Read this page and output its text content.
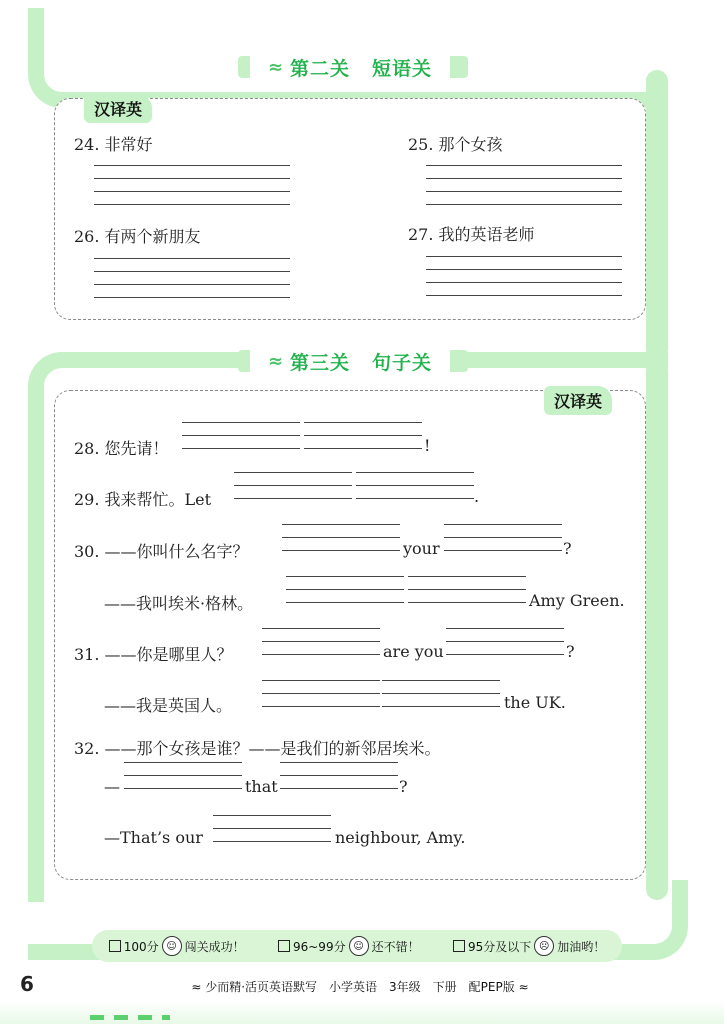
≈ 第二关 短语关
汉译英
24. 非常好	25. 那个女孩
26. 有两个新朋友	27. 我的英语老师
≈ 第三关 句子关
汉译英
28. 您先请！	!
29. 我来帮忙。Let	.
30. ——你叫什么名字？	your	?
——我叫埃米·格林。	Amy Green.
31. ——你是哪里人？	are you	?
——我是英国人。	the UK.
32. ——那个女孩是谁？——是我们的新邻居埃米。
—	that	?
—That’s our	neighbour, Amy.
100分 ☺ 闯关成功！	96~99分 ☺ 还不错！	95分及以下 ☹ 加油哟！
6	≈ 少而精·活页英语默写　小学英语　3年级　下册　配PEP版 ≈
